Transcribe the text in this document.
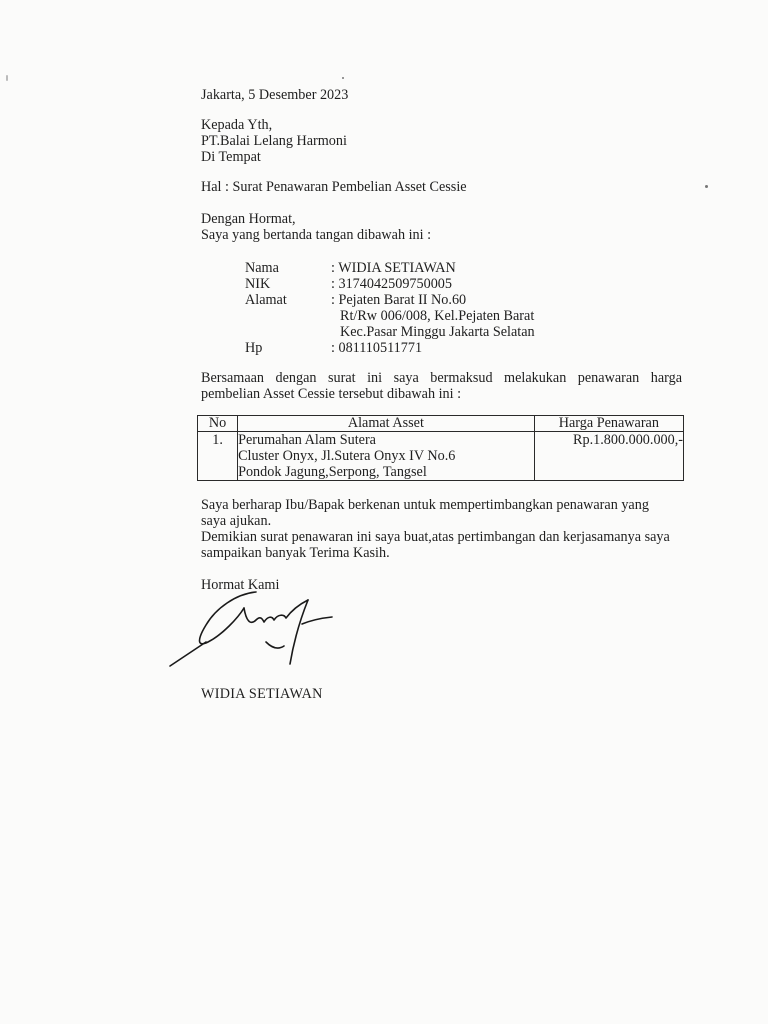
Jakarta, 5 Desember 2023
Kepada Yth,
PT.Balai Lelang Harmoni
Di Tempat
Hal : Surat Penawaran Pembelian Asset Cessie
Dengan Hormat,
Saya yang bertanda tangan dibawah ini :
Nama	: WIDIA SETIAWAN
NIK	: 3174042509750005
Alamat	: Pejaten Barat II No.60
Rt/Rw 006/008, Kel.Pejaten Barat
Kec.Pasar Minggu Jakarta Selatan
Hp	: 081110511771
Bersamaan dengan surat ini saya bermaksud melakukan penawaran harga
pembelian Asset Cessie tersebut dibawah ini :
No	Alamat Asset	Harga Penawaran
1.	Perumahan Alam Sutera
Cluster Onyx, Jl.Sutera Onyx IV No.6
Pondok Jagung,Serpong, Tangsel	Rp.1.800.000.000,-
Saya berharap Ibu/Bapak berkenan untuk mempertimbangkan penawaran yang
saya ajukan.
Demikian surat penawaran ini saya buat,atas pertimbangan dan kerjasamanya saya
sampaikan banyak Terima Kasih.
Hormat Kami
WIDIA SETIAWAN
